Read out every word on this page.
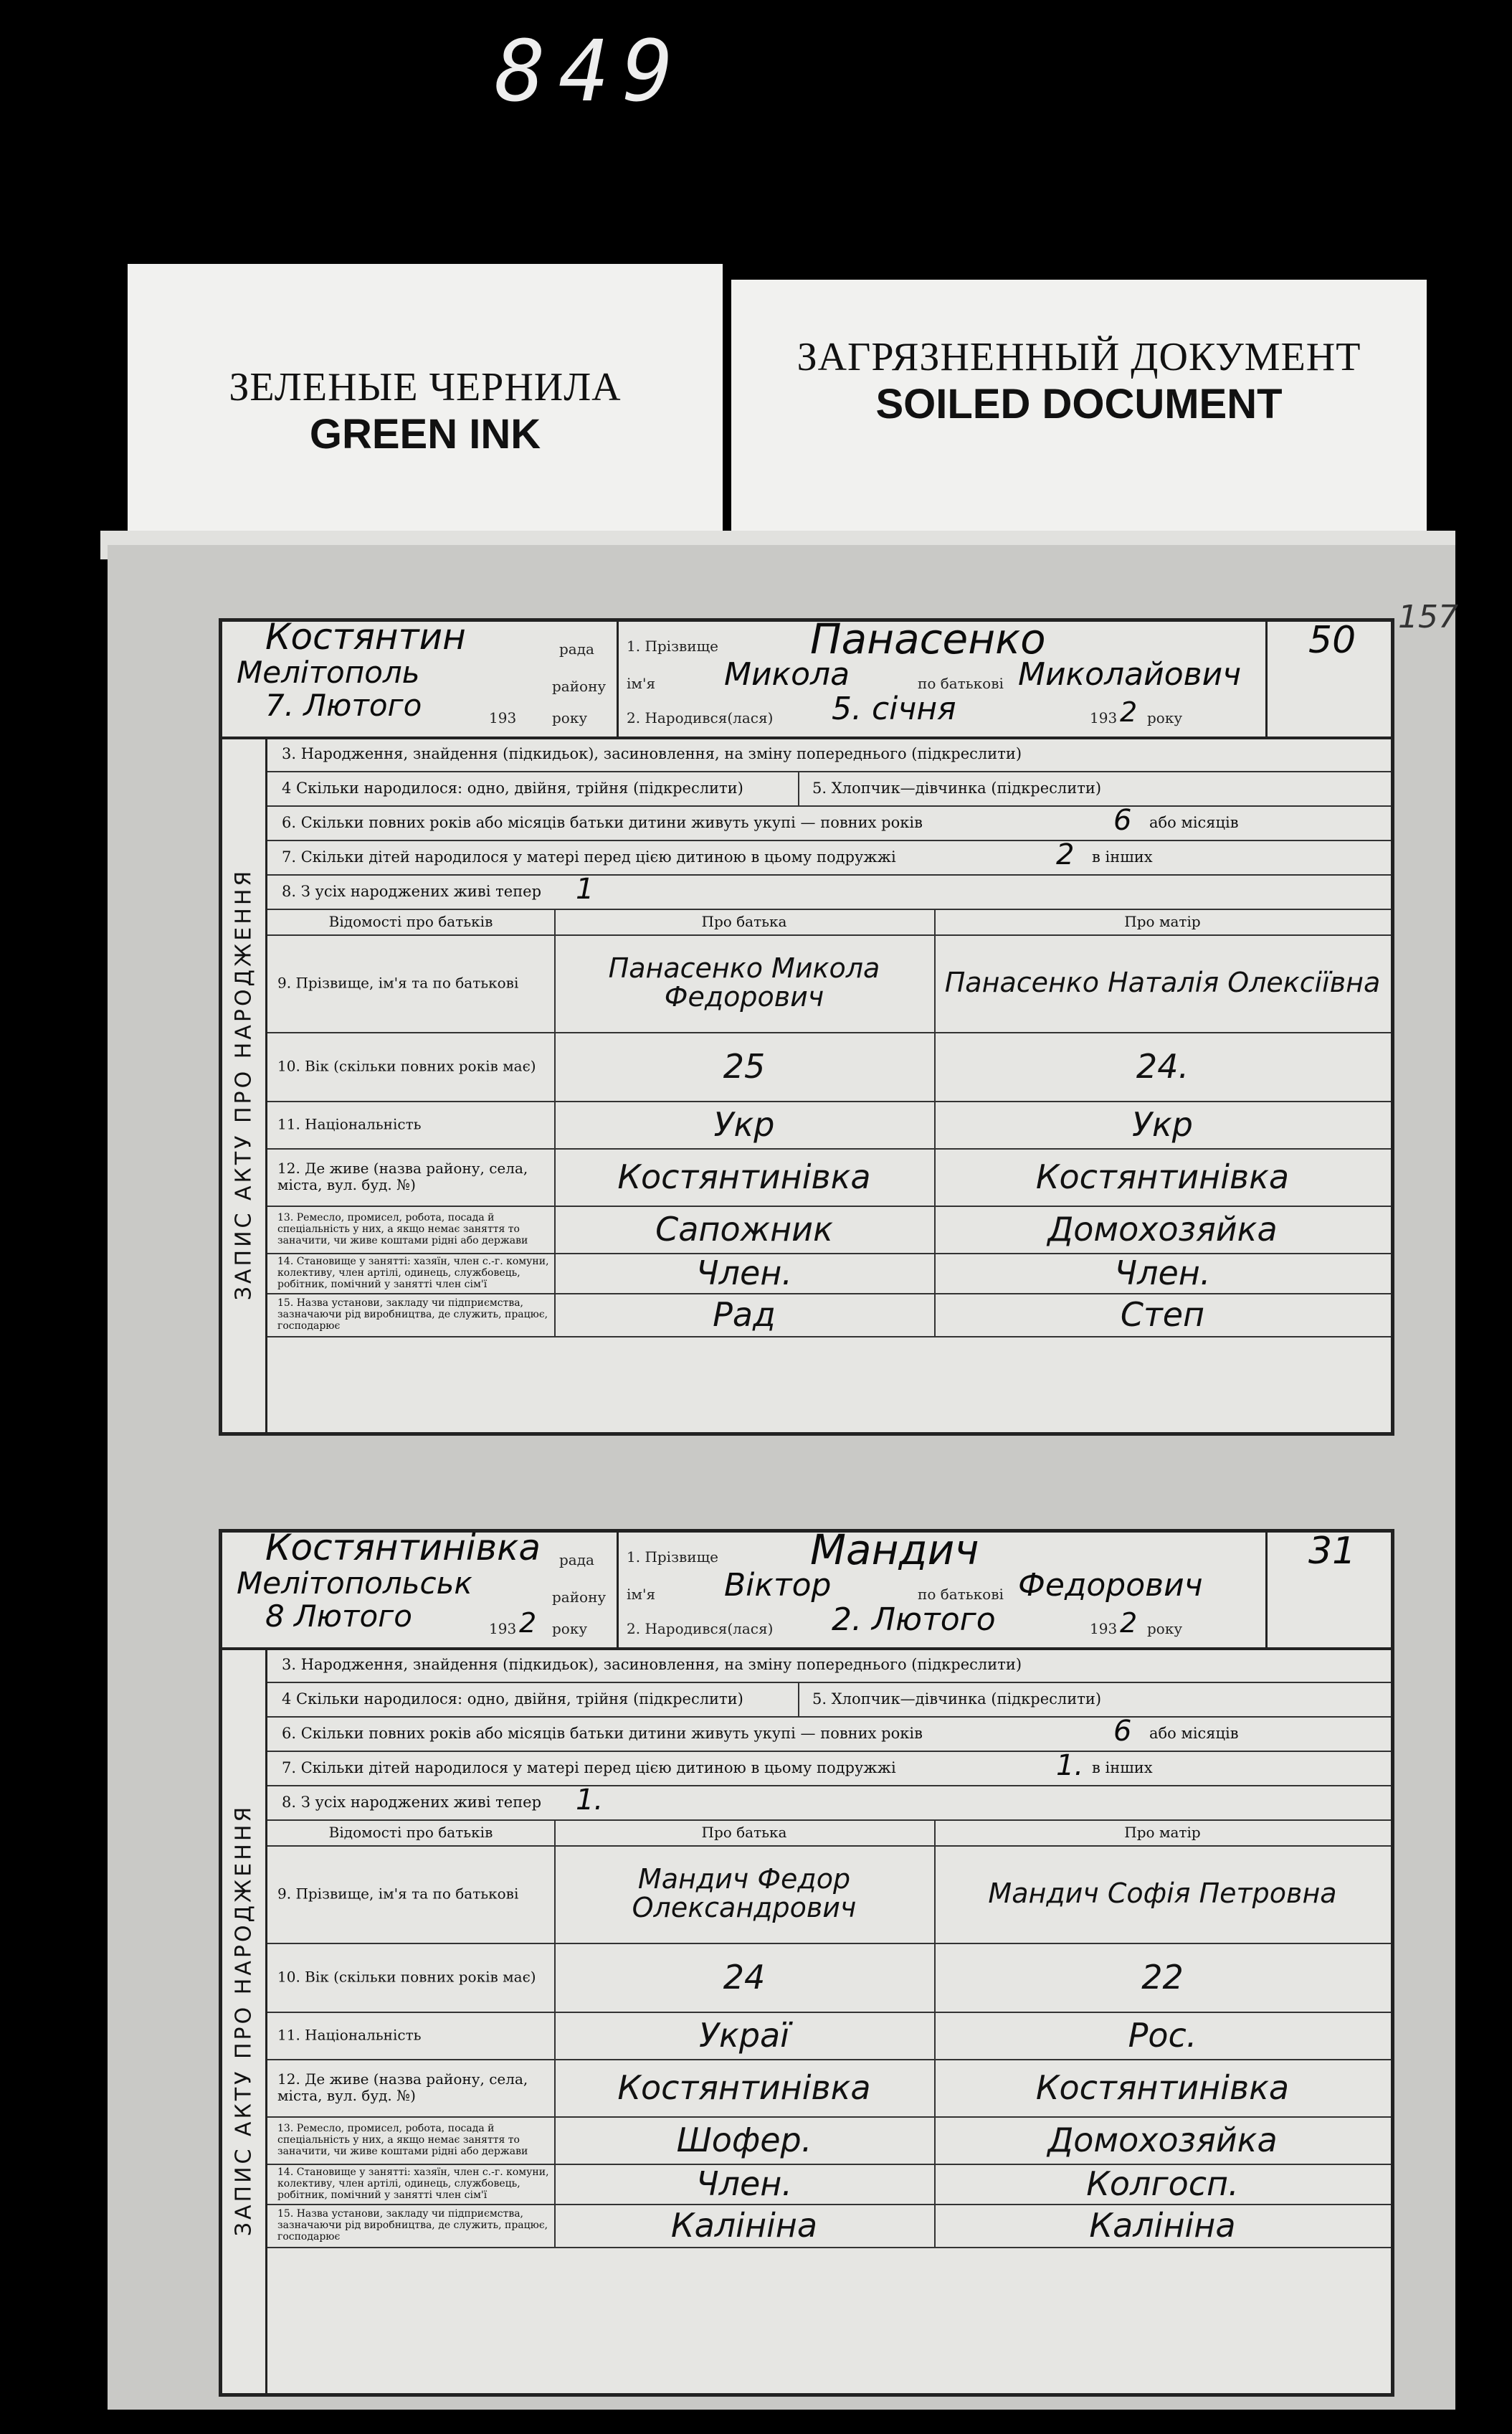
849
ЗЕЛЕНЫЕ ЧЕРНИЛА
GREEN INK
ЗАГРЯЗНЕННЫЙ ДОКУМЕНТ
SOILED DOCUMENT
157
Костянтин	рада
Мелітополь	району
7. Лютого	193 року
1. Прізвище Панасенко
ім'я Микола	по батькові Миколайович
2. Народився(лася) 5. січня	193 2 року
50
ЗАПИС АКТУ ПРО НАРОДЖЕННЯ
3. Народження, знайдення (підкидьок), засиновлення, на зміну попереднього (підкреслити)
4 Скільки народилося: одно, двійня, трійня (підкреслити)	5. Хлопчик—дівчинка (підкреслити)
6. Скільки повних років або місяців батьки дитини живуть укупі — повних років	6 або місяців
7. Скільки дітей народилося у матері перед цією дитиною в цьому подружжі	2 в інших
8. З усіх народжених живі тепер 1
Відомості про батьків	Про батька	Про матір
9. Прізвище, ім'я та по батькові	Панасенко Микола Федорович	Панасенко Наталія Олексіївна
10. Вік (скільки повних років має)	25	24.
11. Національність	Укр	Укр
12. Де живе (назва району, села, міста, вул. буд. №)	Костянтинівка	Костянтинівка
13. Ремесло, промисел, робота, посада й спеціальність у них, а якщо немає заняття то заначити, чи живе коштами рідні або держави	Сапожник	Домохозяйка
14. Становище у занятті: хазяїн, член с.-г. комуни, колективу, член артілі, одинець, службовець, робітник, помічний у занятті член сім'ї	Член.	Член.
15. Назва установи, закладу чи підприємства, зазначаючи рід виробництва, де служить, працює, господарює	Рад	Степ
Костянтинівка рада
Мелітопольськ	району
8 Лютого	193 2 року
1. Прізвище Мандич
ім'я Віктор	по батькові Федорович
2. Народився(лася) 2. Лютого	193 2 року
31
ЗАПИС АКТУ ПРО НАРОДЖЕННЯ
3. Народження, знайдення (підкидьок), засиновлення, на зміну попереднього (підкреслити)
4 Скільки народилося: одно, двійня, трійня (підкреслити)	5. Хлопчик—дівчинка (підкреслити)
6. Скільки повних років або місяців батьки дитини живуть укупі — повних років	6 або місяців
7. Скільки дітей народилося у матері перед цією дитиною в цьому подружжі	1. в інших
8. З усіх народжених живі тепер 1.
Відомості про батьків	Про батька	Про матір
9. Прізвище, ім'я та по батькові	Мандич Федор Олександрович	Мандич Софія Петровна
10. Вік (скільки повних років має)	24	22
11. Національність	Украї	Рос.
12. Де живе (назва району, села, міста, вул. буд. №)	Костянтинівка	Костянтинівка
13. Ремесло, промисел, робота, посада й спеціальність у них, а якщо немає заняття то заначити, чи живе коштами рідні або держави	Шофер.	Домохозяйка
14. Становище у занятті: хазяїн, член с.-г. комуни, колективу, член артілі, одинець, службовець, робітник, помічний у занятті член сім'ї	Член.	Колгосп.
15. Назва установи, закладу чи підприємства, зазначаючи рід виробництва, де служить, працює, господарює	Калініна	Калініна
